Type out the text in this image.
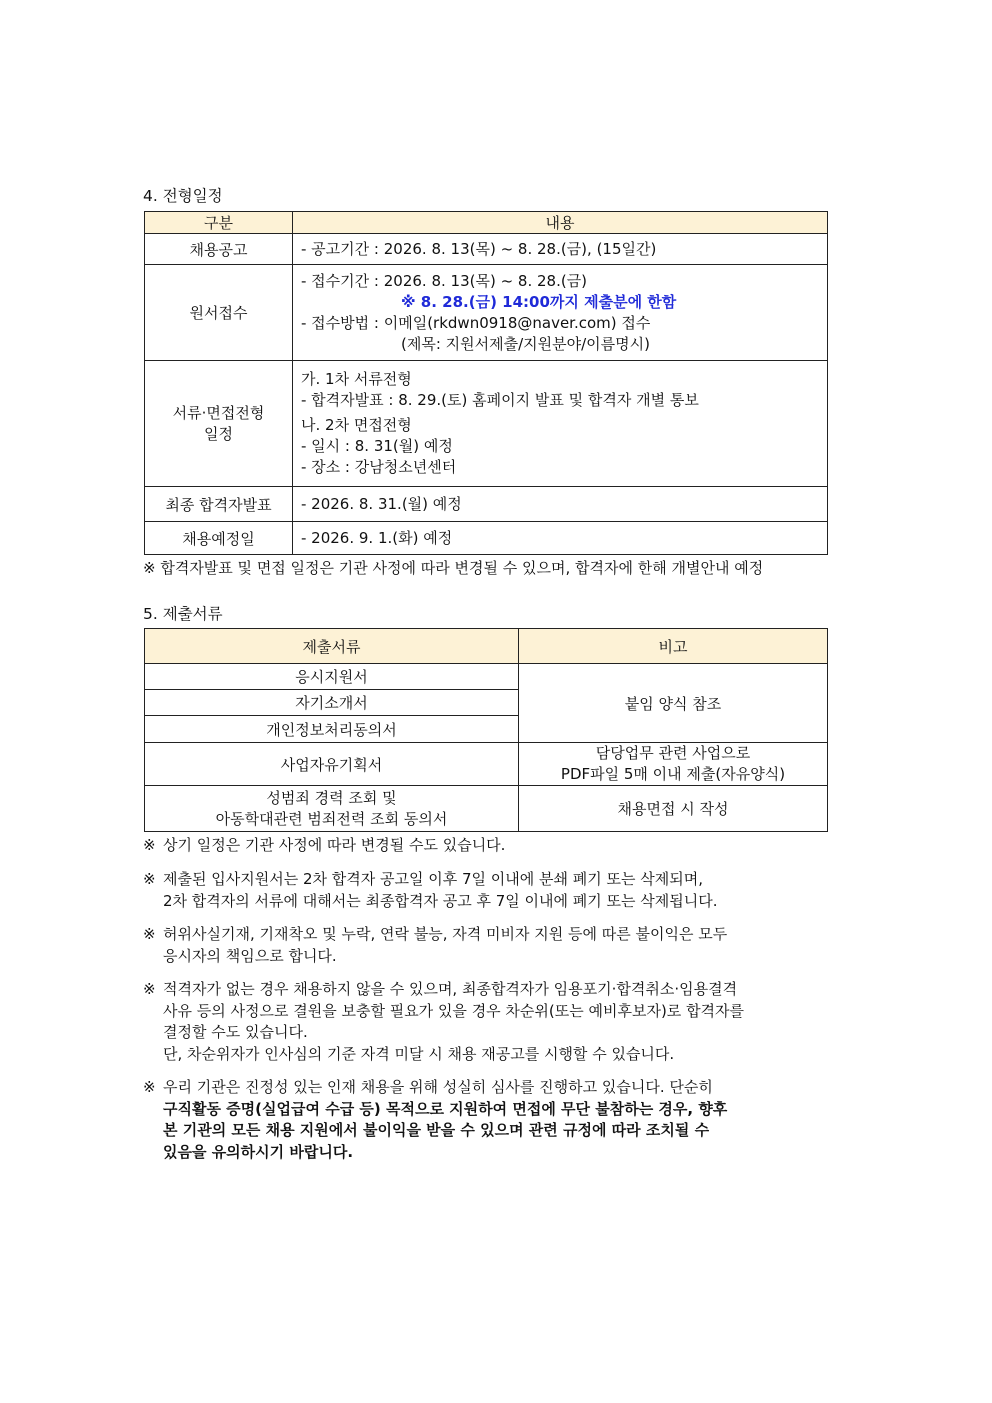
4. 전형일정
구분	내용
채용공고	- 공고기간 : 2026. 8. 13(목) ~ 8. 28.(금), (15일간)

원서접수	- 접수기간 : 2026. 8. 13(목) ~ 8. 28.(금)
※ 8. 28.(금) 14:00까지 제출분에 한함
- 접수방법 : 이메일(rkdwn0918@naver.com) 접수
(제목: 지원서제출/지원분야/이름명시)

서류·면접전형
일정	가. 1차 서류전형
- 합격자발표 : 8. 29.(토) 홈페이지 발표 및 합격자 개별 통보
나. 2차 면접전형
- 일시 : 8. 31(월) 예정
- 장소 : 강남청소년센터

최종 합격자발표	- 2026. 8. 31.(월) 예정

채용예정일	- 2026. 9. 1.(화) 예정
※ 합격자발표 및 면접 일정은 기관 사정에 따라 변경될 수 있으며, 합격자에 한해 개별안내 예정
5. 제출서류
제출서류	비고
응시지원서	붙임 양식 참조
자기소개서	
개인정보처리동의서	
사업자유기획서	담당업무 관련 사업으로
PDF파일 5매 이내 제출(자유양식)

성범죄 경력 조회 및
아동학대관련 범죄전력 조회 동의서	채용면접 시 작성
※ 상기 일정은 기관 사정에 따라 변경될 수도 있습니다.
※ 제출된 입사지원서는 2차 합격자 공고일 이후 7일 이내에 분쇄 폐기 또는 삭제되며,
2차 합격자의 서류에 대해서는 최종합격자 공고 후 7일 이내에 폐기 또는 삭제됩니다.
※ 허위사실기재, 기재착오 및 누락, 연락 불능, 자격 미비자 지원 등에 따른 불이익은 모두
응시자의 책임으로 합니다.
※ 적격자가 없는 경우 채용하지 않을 수 있으며, 최종합격자가 임용포기·합격취소·임용결격
사유 등의 사정으로 결원을 보충할 필요가 있을 경우 차순위(또는 예비후보자)로 합격자를
결정할 수도 있습니다.
단, 차순위자가 인사심의 기준 자격 미달 시 채용 재공고를 시행할 수 있습니다.
※ 우리 기관은 진정성 있는 인재 채용을 위해 성실히 심사를 진행하고 있습니다. 단순히
구직활동 증명(실업급여 수급 등) 목적으로 지원하여 면접에 무단 불참하는 경우, 향후
본 기관의 모든 채용 지원에서 불이익을 받을 수 있으며 관련 규정에 따라 조치될 수
있음을 유의하시기 바랍니다.
